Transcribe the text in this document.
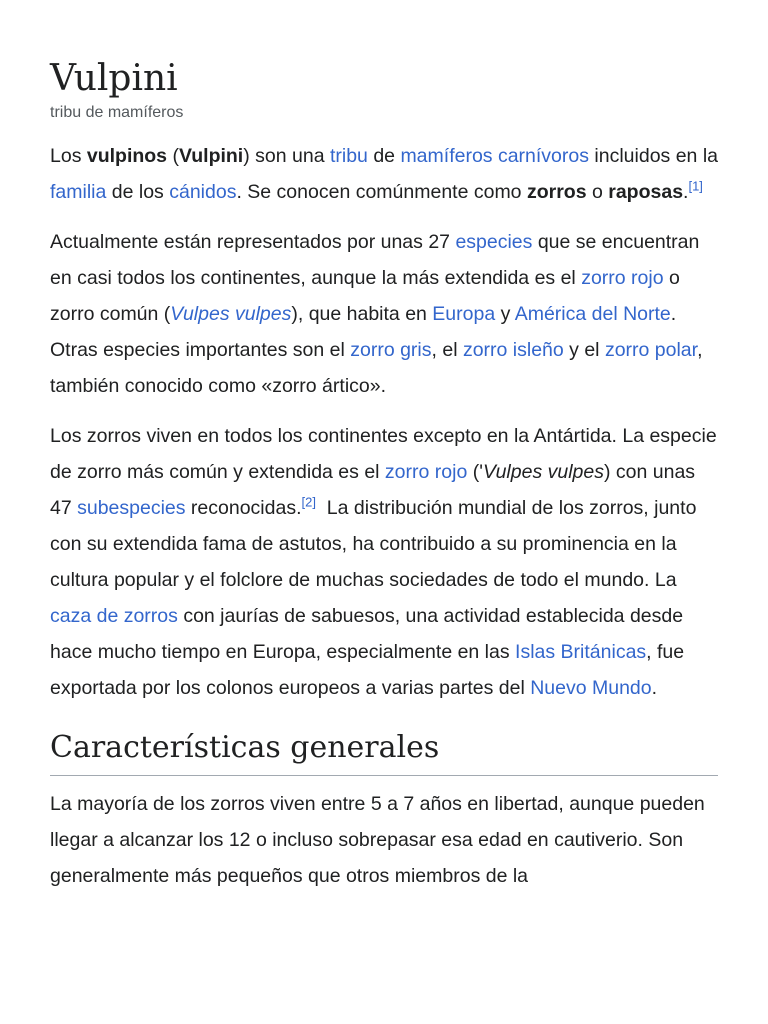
Vulpini
tribu de mamíferos

Los vulpinos (Vulpini) son una tribu de mamíferos carnívoros incluidos en la familia de los cánidos. Se conocen comúnmente como zorros o raposas.[1]

Actualmente están representados por unas 27 especies que se encuentran en casi todos los continentes, aunque la más extendida es el zorro rojo o zorro común (Vulpes vulpes), que habita en Europa y América del Norte. Otras especies importantes son el zorro gris, el zorro isleño y el zorro polar, también conocido como «zorro ártico».

Los zorros viven en todos los continentes excepto en la Antártida. La especie de zorro más común y extendida es el zorro rojo ('Vulpes vulpes) con unas 47 subespecies reconocidas.[2]  La distribución mundial de los zorros, junto con su extendida fama de astutos, ha contribuido a su prominencia en la cultura popular y el folclore de muchas sociedades de todo el mundo. La caza de zorros con jaurías de sabuesos, una actividad establecida desde hace mucho tiempo en Europa, especialmente en las Islas Británicas, fue exportada por los colonos europeos a varias partes del Nuevo Mundo.

Características generales

La mayoría de los zorros viven entre 5 a 7 años en libertad, aunque pueden llegar a alcanzar los 12 o incluso sobrepasar esa edad en cautiverio. Son generalmente más pequeños que otros miembros de la
